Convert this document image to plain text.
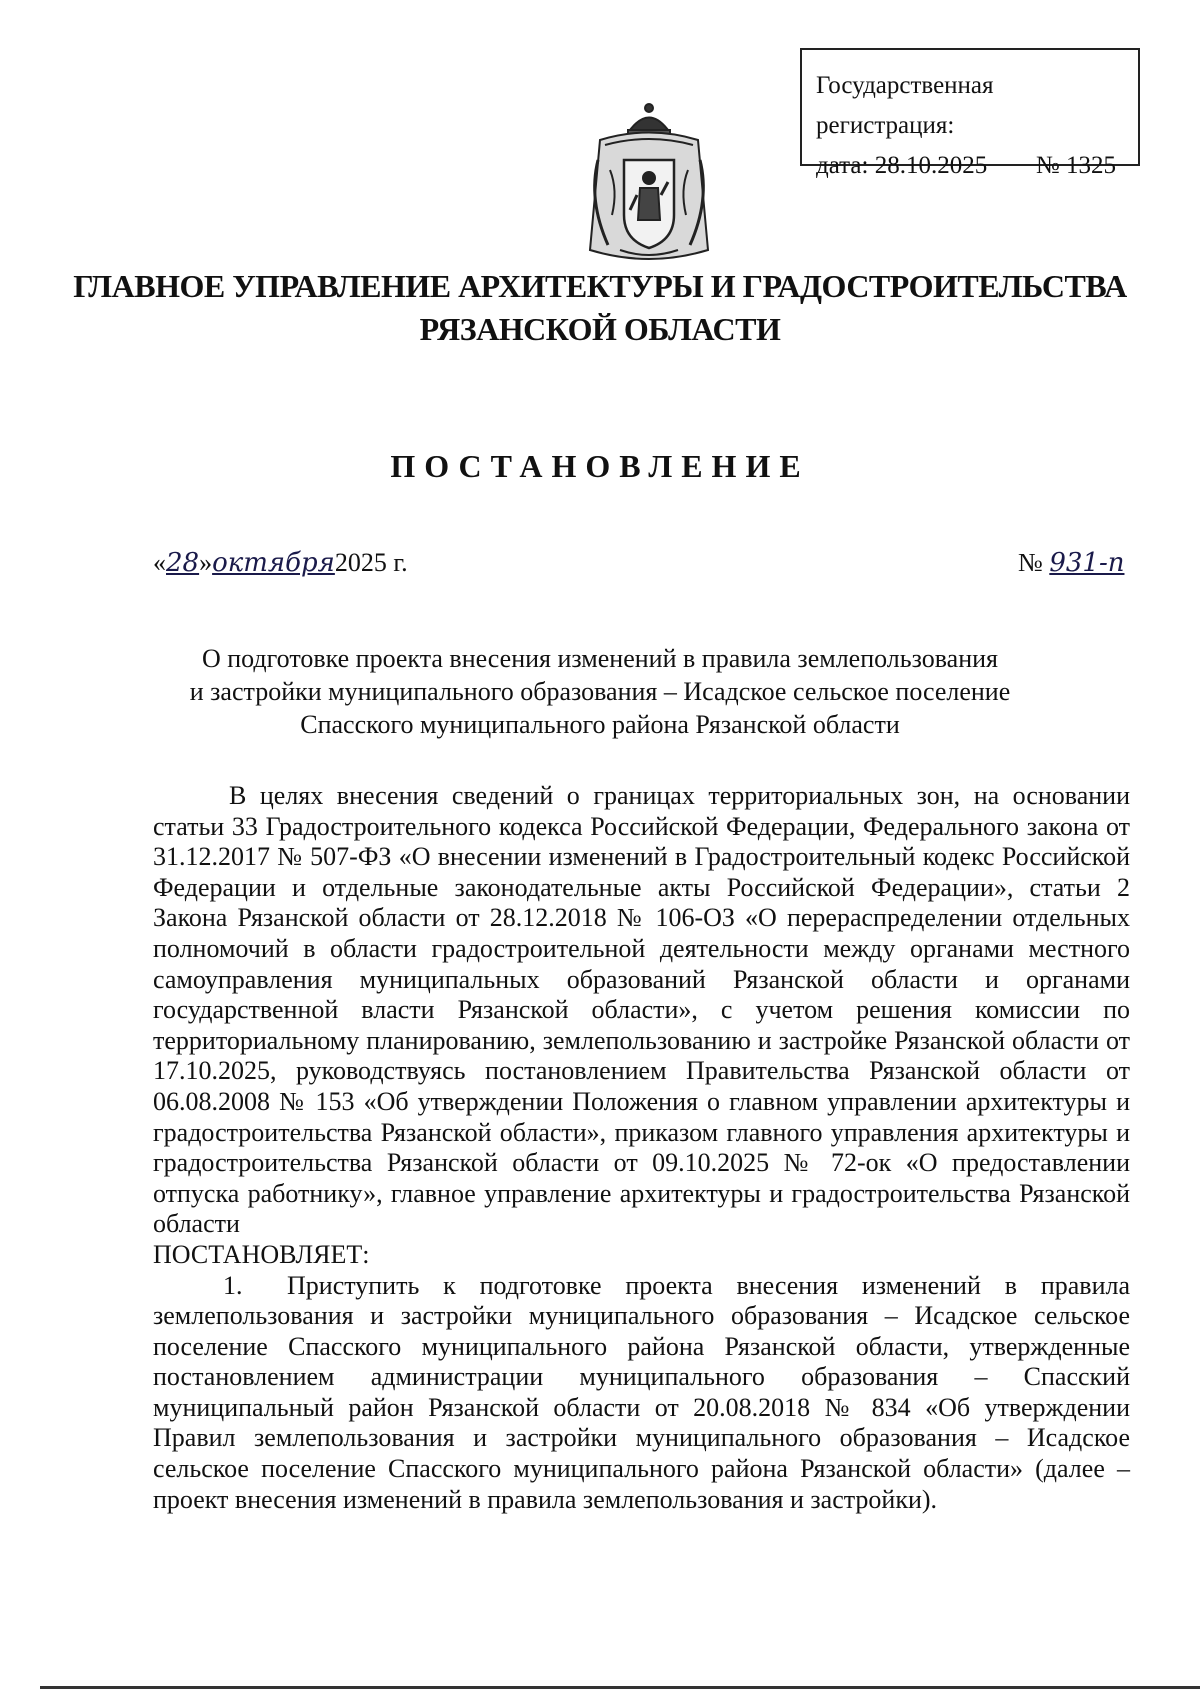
Государственная регистрация:
дата: 28.10.2025 № 1325
ГЛАВНОЕ УПРАВЛЕНИЕ АРХИТЕКТУРЫ И ГРАДОСТРОИТЕЛЬСТВА
РЯЗАНСКОЙ ОБЛАСТИ
ПОСТАНОВЛЕНИЕ
«28»октября2025 г.	№ 931-п
О подготовке проекта внесения изменений в правила землепользования
и застройки муниципального образования – Исадское сельское поселение
Спасского муниципального района Рязанской области

В целях внесения сведений о границах территориальных зон, на основании статьи 33 Градостроительного кодекса Российской Федерации, Федерального закона от 31.12.2017 № 507-ФЗ «О внесении изменений в Градостроительный кодекс Российской Федерации и отдельные законодательные акты Российской Федерации», статьи 2 Закона Рязанской области от 28.12.2018 № 106-ОЗ «О перераспределении отдельных полномочий в области градостроительной деятельности между органами местного самоуправления муниципальных образований Рязанской области и органами государственной власти Рязанской области», с учетом решения комиссии по территориальному планированию, землепользованию и застройке Рязанской области от 17.10.2025, руководствуясь постановлением Правительства Рязанской области от 06.08.2008 № 153 «Об утверждении Положения о главном управлении архитектуры и градостроительства Рязанской области», приказом главного управления архитектуры и градостроительства Рязанской области от 09.10.2025 № 72-ок «О предоставлении отпуска работнику», главное управление архитектуры и градостроительства Рязанской области

ПОСТАНОВЛЯЕТ:

1. Приступить к подготовке проекта внесения изменений в правила землепользования и застройки муниципального образования – Исадское сельское поселение Спасского муниципального района Рязанской области, утвержденные постановлением администрации муниципального образования – Спасский муниципальный район Рязанской области от 20.08.2018 № 834 «Об утверждении Правил землепользования и застройки муниципального образования – Исадское сельское поселение Спасского муниципального района Рязанской области» (далее – проект внесения изменений в правила землепользования и застройки).
